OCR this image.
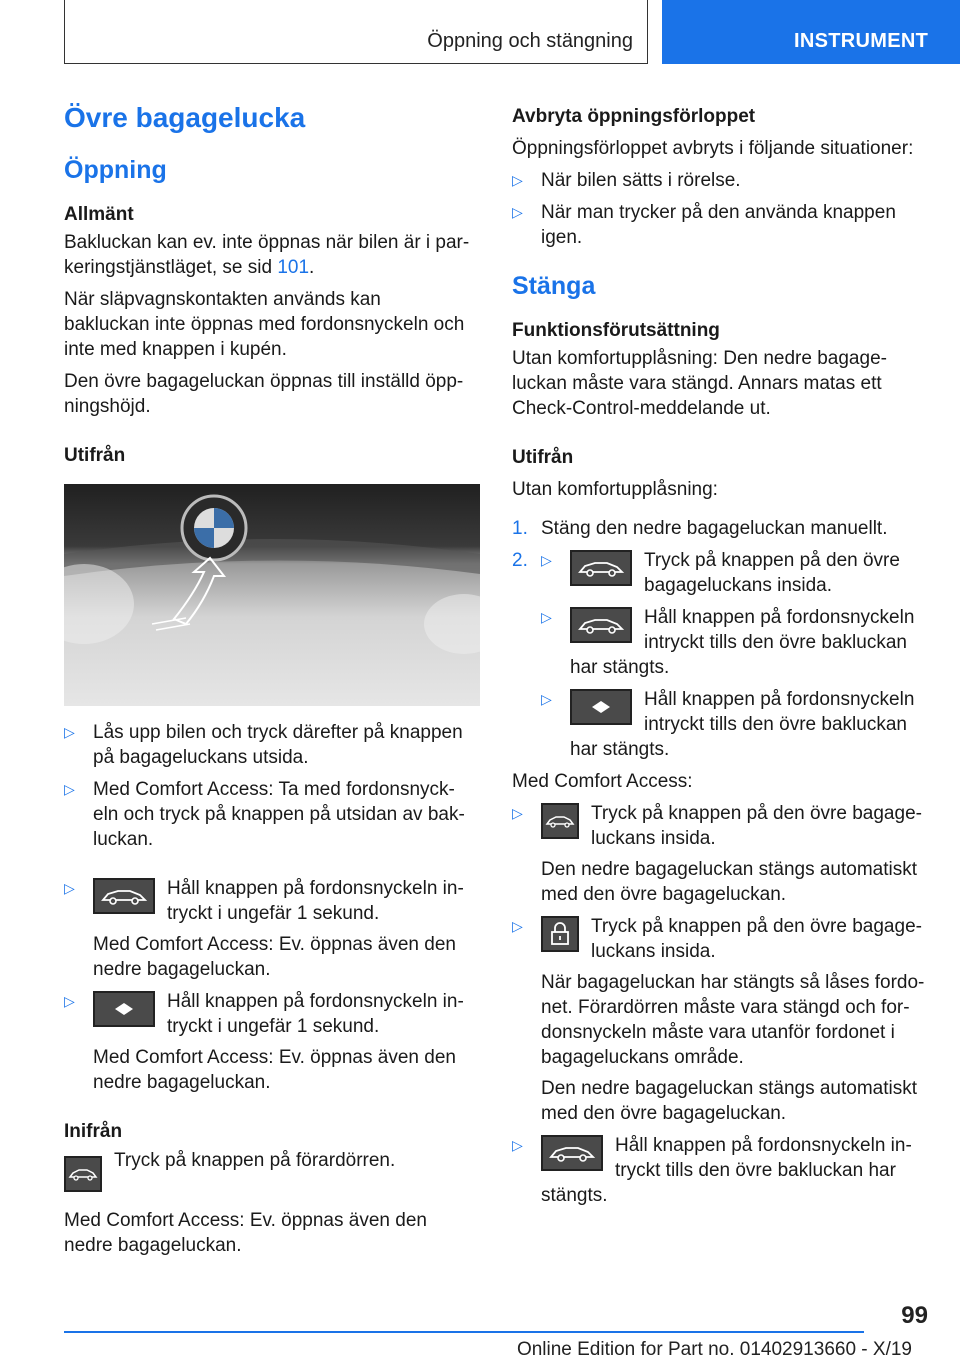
Öppning och stängning	INSTRUMENT
Övre bagagelucka
Öppning
Allmänt

Bakluckan kan ev. inte öppnas när bilen är i par-keringstjänstläget, se sid 101.

När släpvagnskontakten används kan bakluckan inte öppnas med fordonsnyckeln och inte med knappen i kupén.

Den övre bagageluckan öppnas till inställd öpp-ningshöjd.

Utifrån
▷ Lås upp bilen och tryck därefter på knappen på bagageluckans utsida.
▷ Med Comfort Access: Ta med fordonsnyck-eln och tryck på knappen på utsidan av bak-luckan.
▷	Håll knappen på fordonsnyckeln in-tryckt i ungefär 1 sekund.

Med Comfort Access: Ev. öppnas även den nedre bagageluckan.

▷	Håll knappen på fordonsnyckeln in-tryckt i ungefär 1 sekund.

Med Comfort Access: Ev. öppnas även den nedre bagageluckan.

Inifrån
Tryck på knappen på förardörren.

Med Comfort Access: Ev. öppnas även den nedre bagageluckan.

Avbryta öppningsförloppet

Öppningsförloppet avbryts i följande situationer:

▷ När bilen sätts i rörelse.
▷ När man trycker på den använda knappen igen.
Stänga
Funktionsförutsättning

Utan komfortupplåsning: Den nedre bagage-luckan måste vara stängd. Annars matas ett Check-Control-meddelande ut.

Utifrån

Utan komfortupplåsning:

1. Stäng den nedre bagageluckan manuellt.
2. ▷	Tryck på knappen på den övre bagageluckans insida.
▷	Håll knappen på fordonsnyckeln intryckt tills den övre bakluckan har stängts.
▷	Håll knappen på fordonsnyckeln intryckt tills den övre bakluckan har stängts.

Med Comfort Access:

▷	Tryck på knappen på den övre bagage-luckans insida.

Den nedre bagageluckan stängs automatiskt med den övre bagageluckan.

▷	Tryck på knappen på den övre bagage-luckans insida.

När bagageluckan har stängts så låses fordo-net. Förardörren måste vara stängd och for-donsnyckeln måste vara utanför fordonet i bagageluckans område.

Den nedre bagageluckan stängs automatiskt med den övre bagageluckan.

▷	Håll knappen på fordonsnyckeln in-tryckt tills den övre bakluckan har stängts.
99
Online Edition for Part no. 01402913660 - X/19
